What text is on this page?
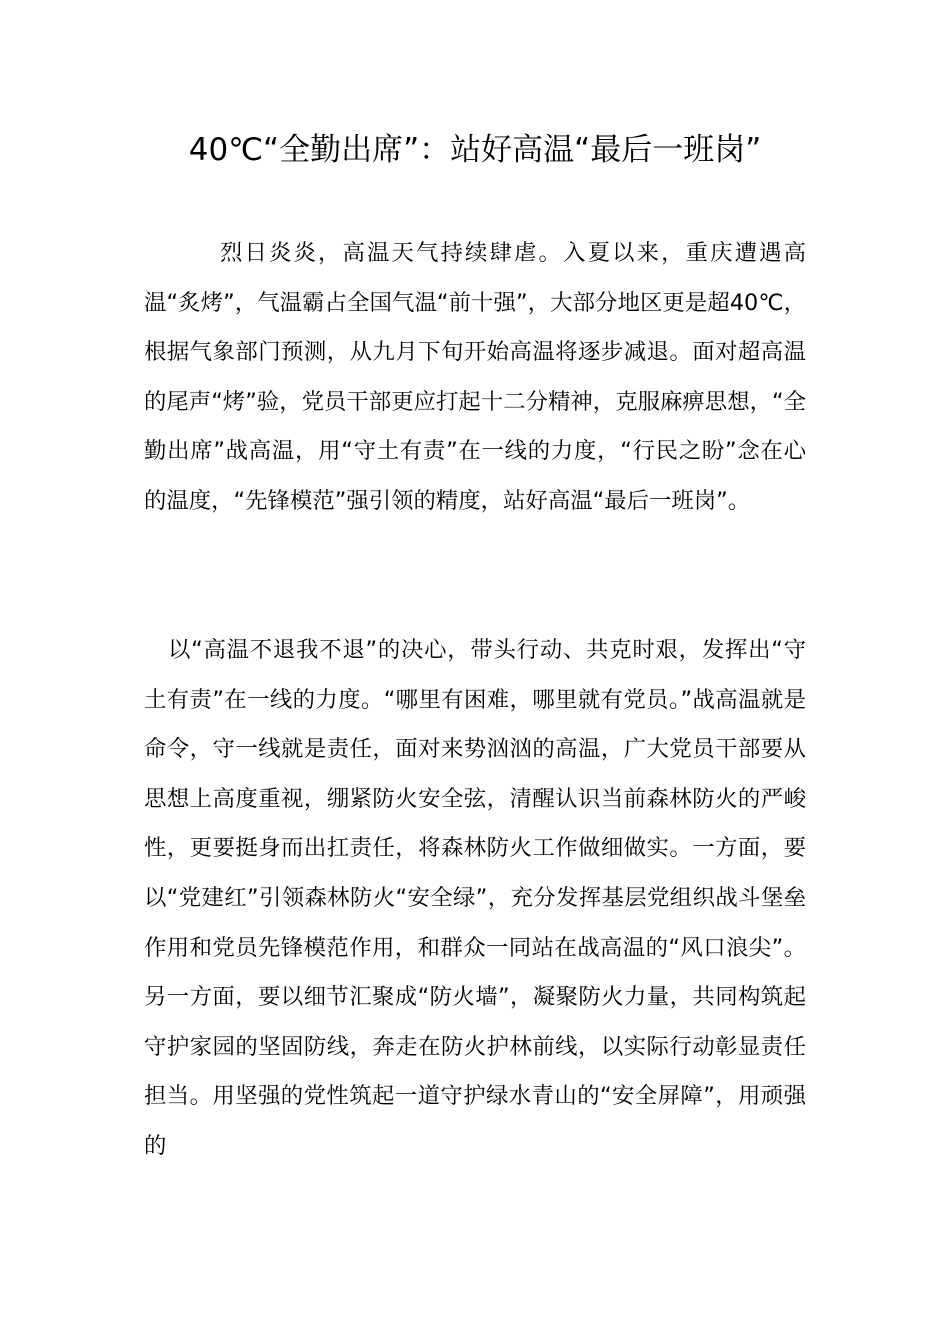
40℃“全勤出席”：站好高温“最后一班岗”

烈日炎炎，高温天气持续肆虐。入夏以来，重庆遭遇高温“炙烤”，气温霸占全国气温“前十强”，大部分地区更是超40℃，根据气象部门预测，从九月下旬开始高温将逐步减退。面对超高温的尾声“烤”验，党员干部更应打起十二分精神，克服麻痹思想，“全勤出席”战高温，用“守土有责”在一线的力度，“行民之盼”念在心的温度，“先锋模范”强引领的精度，站好高温“最后一班岗”。

以“高温不退我不退”的决心，带头行动、共克时艰，发挥出“守土有责”在一线的力度。“哪里有困难，哪里就有党员。”战高温就是命令，守一线就是责任，面对来势汹汹的高温，广大党员干部要从思想上高度重视，绷紧防火安全弦，清醒认识当前森林防火的严峻性，更要挺身而出扛责任，将森林防火工作做细做实。一方面，要以“党建红”引领森林防火“安全绿”，充分发挥基层党组织战斗堡垒作用和党员先锋模范作用，和群众一同站在战高温的“风口浪尖”。另一方面，要以细节汇聚成“防火墙”，凝聚防火力量，共同构筑起守护家园的坚固防线，奔走在防火护林前线，以实际行动彰显责任担当。用坚强的党性筑起一道守护绿水青山的“安全屏障”，用顽强的
